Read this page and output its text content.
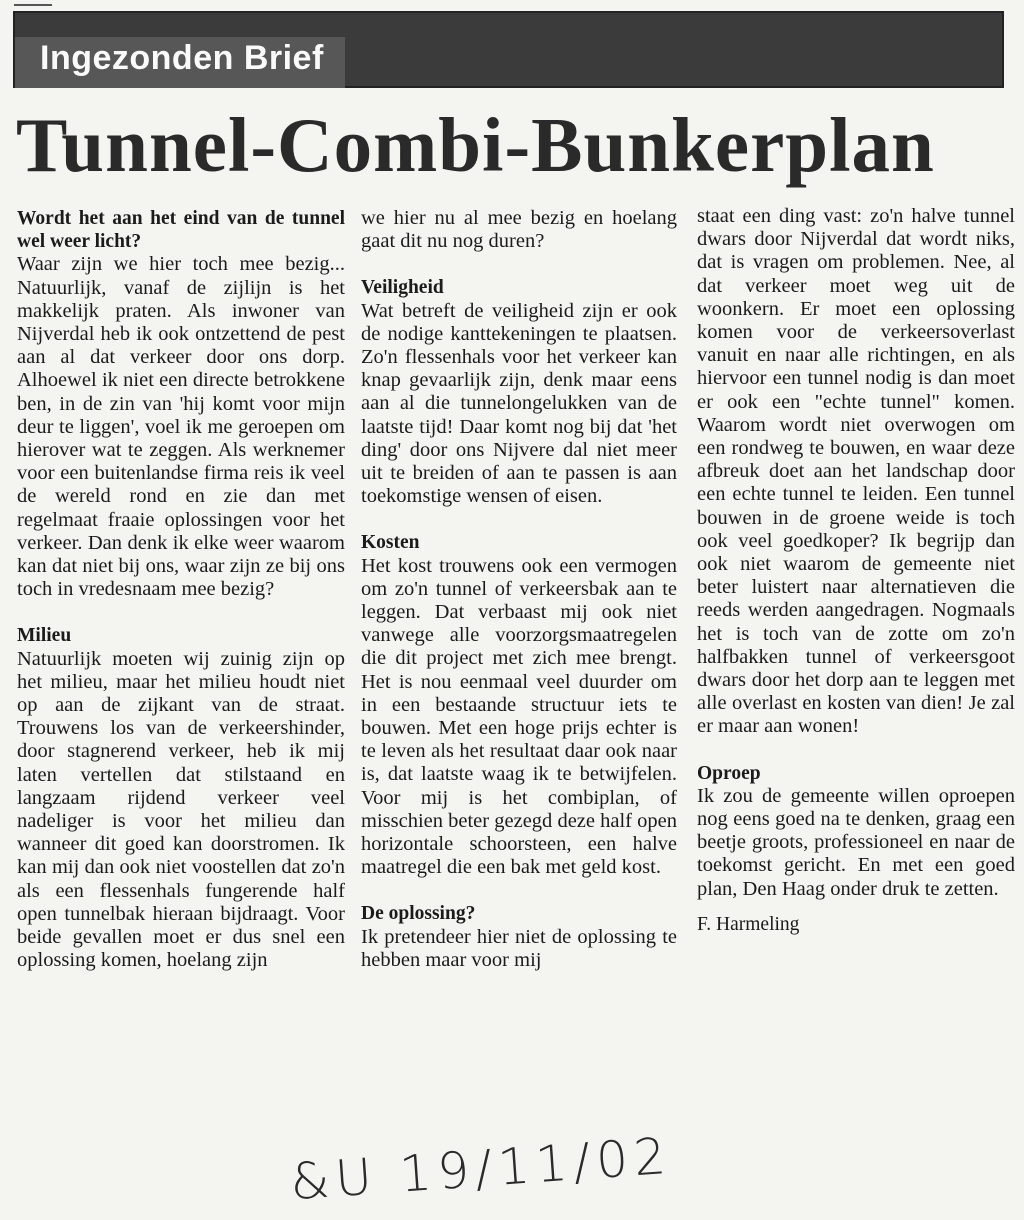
Ingezonden Brief
Tunnel-Combi-Bunkerplan

Wordt het aan het eind van de tunnel wel weer licht?

Waar zijn we hier toch mee bezig... Natuurlijk, vanaf de zijlijn is het makkelijk praten. Als inwoner van Nijverdal heb ik ook ontzettend de pest aan al dat verkeer door ons dorp. Alhoewel ik niet een directe betrokkene ben, in de zin van 'hij komt voor mijn deur te liggen', voel ik me geroepen om hierover wat te zeggen. Als werknemer voor een buitenlandse firma reis ik veel de wereld rond en zie dan met regelmaat fraaie oplossingen voor het verkeer. Dan denk ik elke weer waarom kan dat niet bij ons, waar zijn ze bij ons toch in vredesnaam mee bezig?

Milieu

Natuurlijk moeten wij zuinig zijn op het milieu, maar het milieu houdt niet op aan de zijkant van de straat. Trouwens los van de verkeershinder, door stagnerend verkeer, heb ik mij laten vertellen dat stilstaand en langzaam rijdend verkeer veel nadeliger is voor het milieu dan wanneer dit goed kan doorstromen. Ik kan mij dan ook niet voostellen dat zo'n als een flessenhals fungerende half open tunnelbak hieraan bijdraagt. Voor beide gevallen moet er dus snel een oplossing komen, hoelang zijn

we hier nu al mee bezig en hoelang gaat dit nu nog duren?

Veiligheid

Wat betreft de veiligheid zijn er ook de nodige kanttekeningen te plaatsen. Zo'n flessenhals voor het verkeer kan knap gevaarlijk zijn, denk maar eens aan al die tunnelongelukken van de laatste tijd! Daar komt nog bij dat 'het ding' door ons Nijvere dal niet meer uit te breiden of aan te passen is aan toekomstige wensen of eisen.

Kosten

Het kost trouwens ook een vermogen om zo'n tunnel of verkeersbak aan te leggen. Dat verbaast mij ook niet vanwege alle voorzorgsmaatregelen die dit project met zich mee brengt. Het is nou eenmaal veel duurder om in een bestaande structuur iets te bouwen. Met een hoge prijs echter is te leven als het resultaat daar ook naar is, dat laatste waag ik te betwijfelen. Voor mij is het combiplan, of misschien beter gezegd deze half open horizontale schoorsteen, een halve maatregel die een bak met geld kost.

De oplossing?

Ik pretendeer hier niet de oplossing te hebben maar voor mij

staat een ding vast: zo'n halve tunnel dwars door Nijverdal dat wordt niks, dat is vragen om problemen. Nee, al dat verkeer moet weg uit de woonkern. Er moet een oplossing komen voor de verkeersoverlast vanuit en naar alle richtingen, en als hiervoor een tunnel nodig is dan moet er ook een "echte tunnel" komen. Waarom wordt niet overwogen om een rondweg te bouwen, en waar deze afbreuk doet aan het landschap door een echte tunnel te leiden. Een tunnel bouwen in de groene weide is toch ook veel goedkoper? Ik begrijp dan ook niet waarom de gemeente niet beter luistert naar alternatieven die reeds werden aangedragen. Nogmaals het is toch van de zotte om zo'n halfbakken tunnel of verkeersgoot dwars door het dorp aan te leggen met alle overlast en kosten van dien! Je zal er maar aan wonen!

Oproep

Ik zou de gemeente willen oproepen nog eens goed na te denken, graag een beetje groots, professioneel en naar de toekomst gericht. En met een goed plan, Den Haag onder druk te zetten.

F. Harmeling

&U 19/11/02
